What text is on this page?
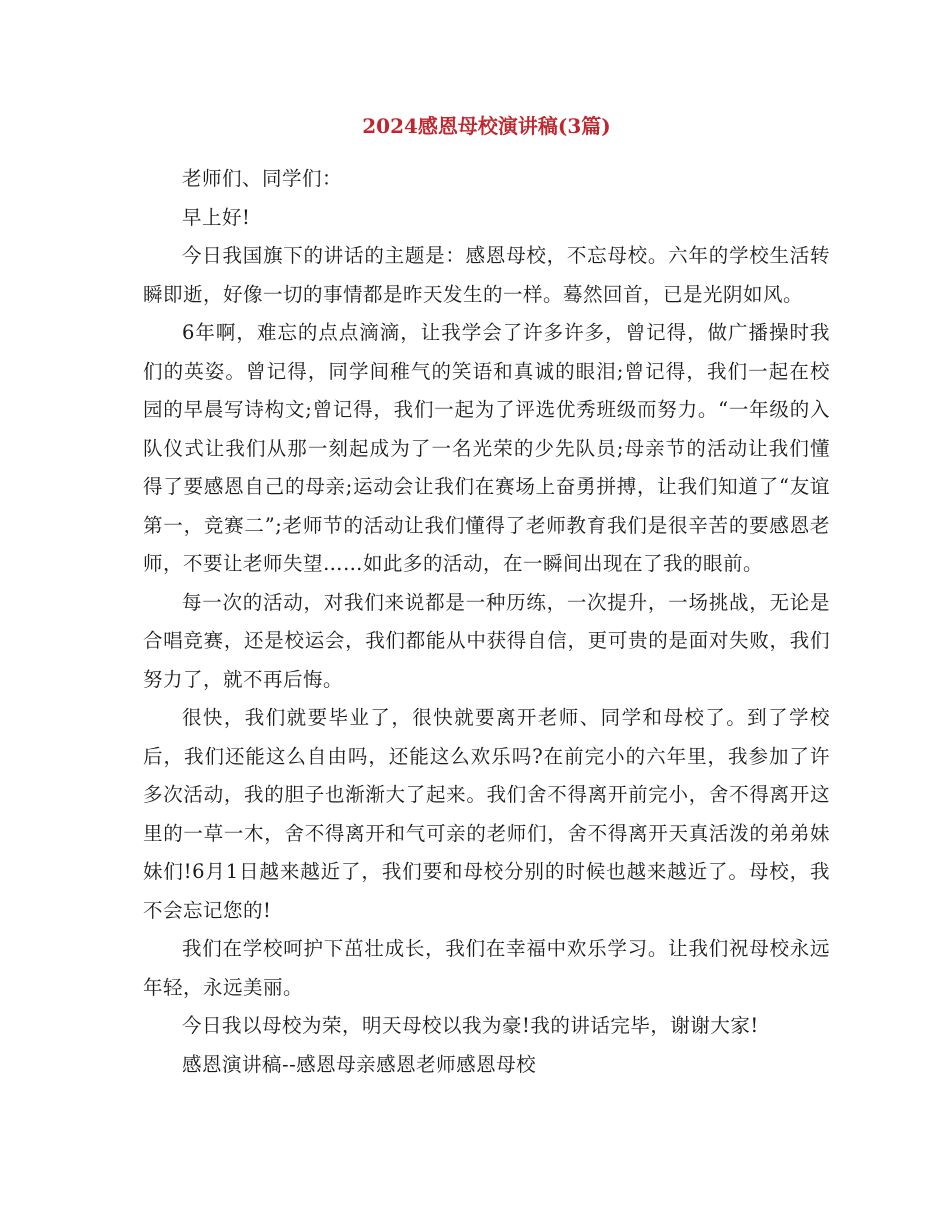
2024感恩母校演讲稿(3篇)

老师们、同学们：

早上好!

今日我国旗下的讲话的主题是：感恩母校，不忘母校。六年的学校生活转瞬即逝，好像一切的事情都是昨天发生的一样。蓦然回首，已是光阴如风。

6年啊，难忘的点点滴滴，让我学会了许多许多，曾记得，做广播操时我们的英姿。曾记得，同学间稚气的笑语和真诚的眼泪;曾记得，我们一起在校园的早晨写诗构文;曾记得，我们一起为了评选优秀班级而努力。“一年级的入队仪式让我们从那一刻起成为了一名光荣的少先队员;母亲节的活动让我们懂得了要感恩自己的母亲;运动会让我们在赛场上奋勇拼搏，让我们知道了“友谊第一，竞赛二”;老师节的活动让我们懂得了老师教育我们是很辛苦的要感恩老师，不要让老师失望……如此多的活动，在一瞬间出现在了我的眼前。

每一次的活动，对我们来说都是一种历练，一次提升，一场挑战，无论是合唱竞赛，还是校运会，我们都能从中获得自信，更可贵的是面对失败，我们努力了，就不再后悔。

很快，我们就要毕业了，很快就要离开老师、同学和母校了。到了学校后，我们还能这么自由吗，还能这么欢乐吗?在前完小的六年里，我参加了许多次活动，我的胆子也渐渐大了起来。我们舍不得离开前完小，舍不得离开这里的一草一木，舍不得离开和气可亲的老师们，舍不得离开天真活泼的弟弟妹妹们!6月1日越来越近了，我们要和母校分别的时候也越来越近了。母校，我不会忘记您的!

我们在学校呵护下茁壮成长，我们在幸福中欢乐学习。让我们祝母校永远年轻，永远美丽。

今日我以母校为荣，明天母校以我为豪!我的讲话完毕，谢谢大家!

感恩演讲稿--感恩母亲感恩老师感恩母校
